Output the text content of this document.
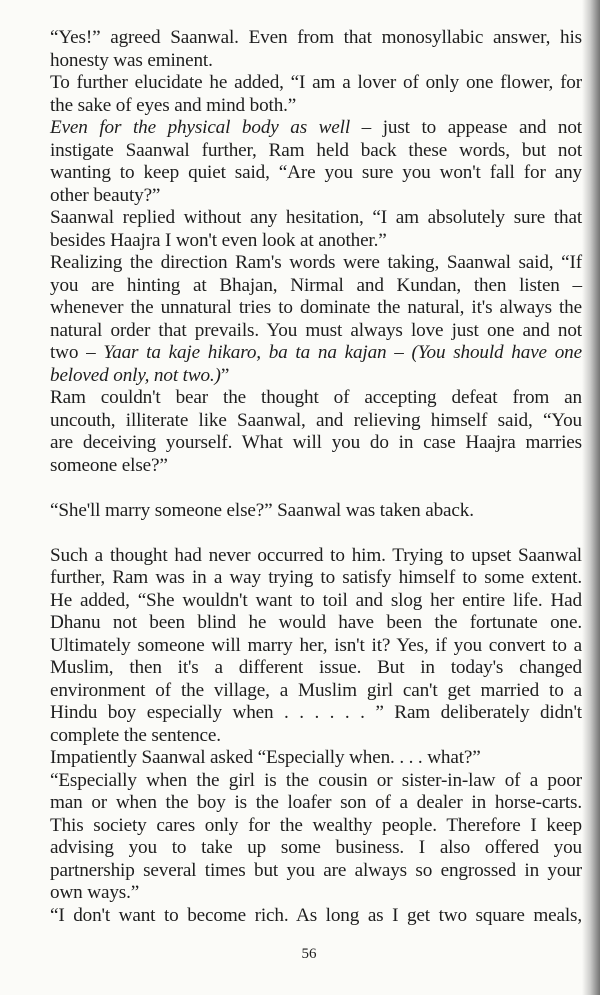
“Yes!” agreed Saanwal. Even from that monosyllabic answer, his
honesty was eminent.
To further elucidate he added, “I am a lover of only one flower, for
the sake of eyes and mind both.”
Even for the physical body as well – just to appease and not
instigate Saanwal further, Ram held back these words, but not
wanting to keep quiet said, “Are you sure you won't fall for any
other beauty?”
Saanwal replied without any hesitation, “I am absolutely sure that
besides Haajra I won't even look at another.”
Realizing the direction Ram's words were taking, Saanwal said, “If
you are hinting at Bhajan, Nirmal and Kundan, then listen –
whenever the unnatural tries to dominate the natural, it's always the
natural order that prevails. You must always love just one and not
two – Yaar ta kaje hikaro, ba ta na kajan – (You should have one
beloved only, not two.)”
Ram couldn't bear the thought of accepting defeat from an
uncouth, illiterate like Saanwal, and relieving himself said, “You
are deceiving yourself. What will you do in case Haajra marries
someone else?”

“She'll marry someone else?” Saanwal was taken aback.

Such a thought had never occurred to him. Trying to upset Saanwal
further, Ram was in a way trying to satisfy himself to some extent.
He added, “She wouldn't want to toil and slog her entire life. Had
Dhanu not been blind he would have been the fortunate one.
Ultimately someone will marry her, isn't it? Yes, if you convert to a
Muslim, then it's a different issue. But in today's changed
environment of the village, a Muslim girl can't get married to a
Hindu boy especially when . . . . . . ” Ram deliberately didn't
complete the sentence.
Impatiently Saanwal asked “Especially when. . . . what?”
“Especially when the girl is the cousin or sister-in-law of a poor
man or when the boy is the loafer son of a dealer in horse-carts.
This society cares only for the wealthy people. Therefore I keep
advising you to take up some business. I also offered you
partnership several times but you are always so engrossed in your
own ways.”
“I don't want to become rich. As long as I get two square meals,
56
